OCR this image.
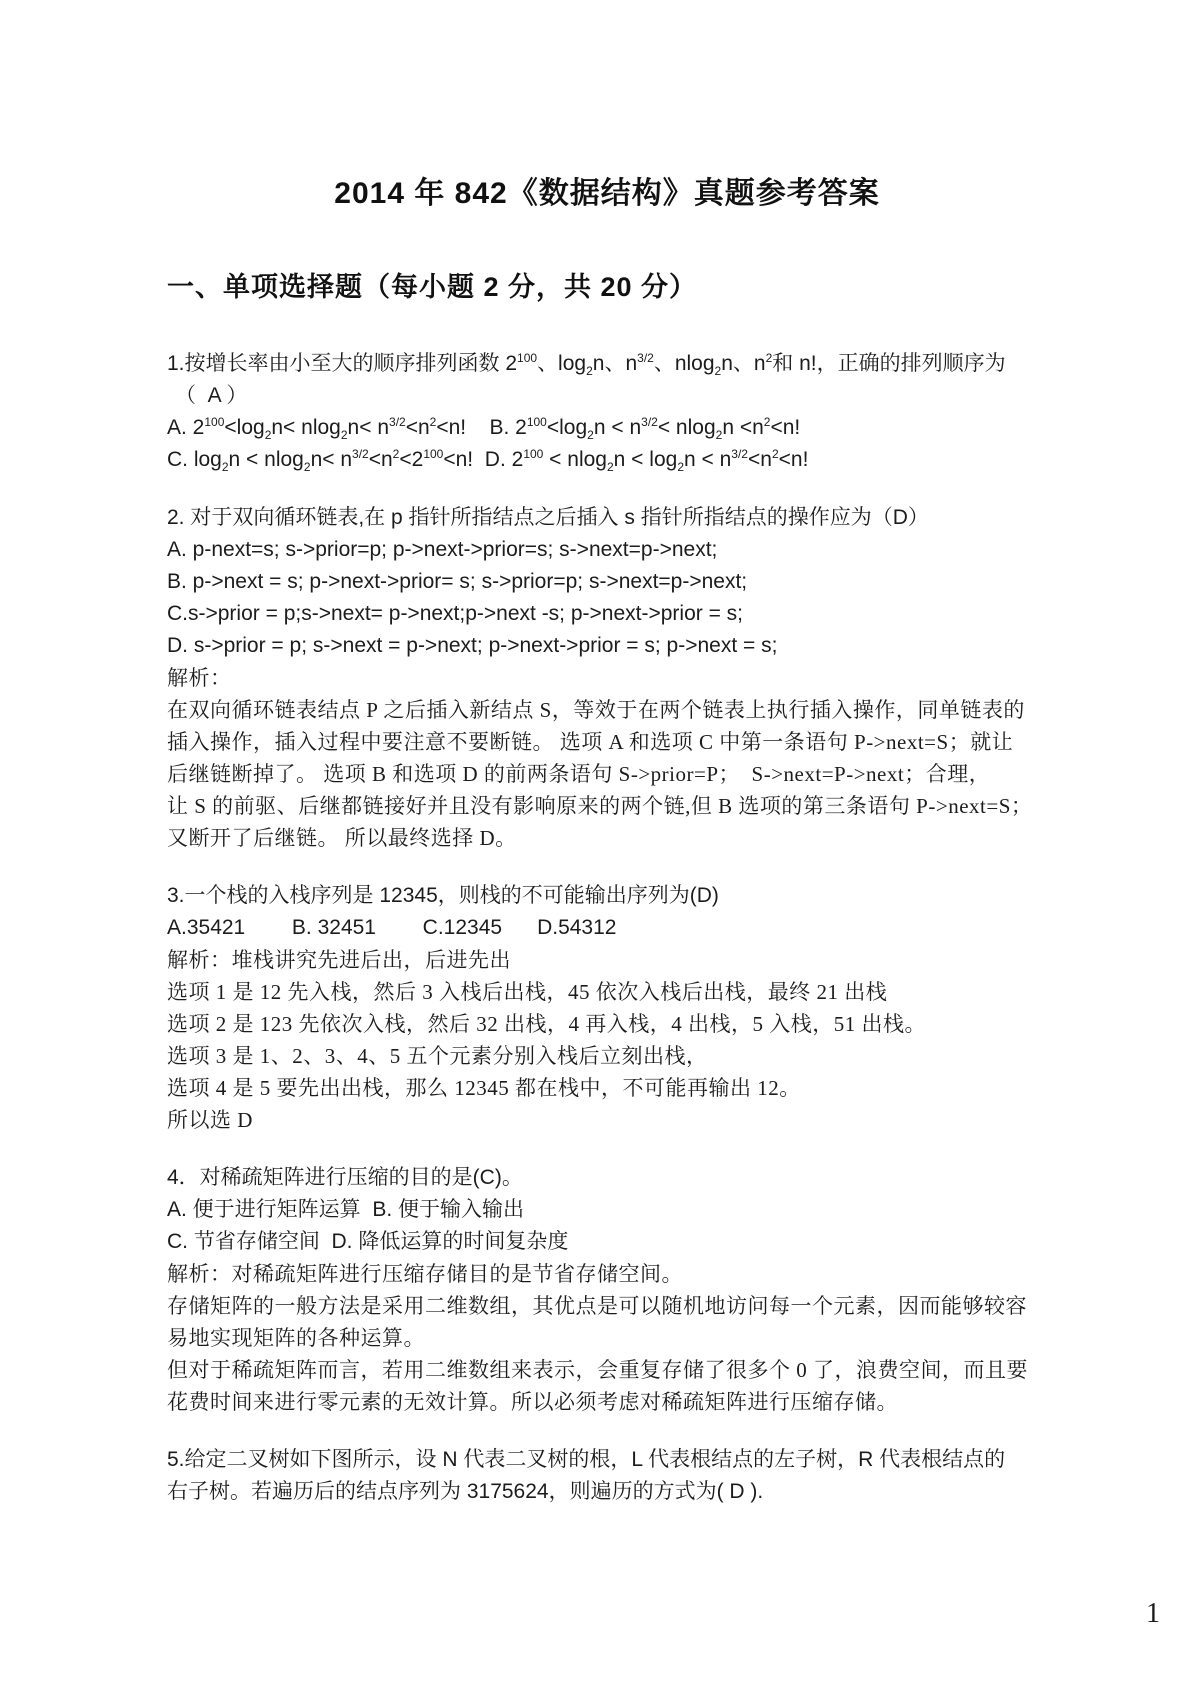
2014 年 842《数据结构》真题参考答案
一、单项选择题（每小题 2 分，共 20 分）

1.按增长率由小至大的顺序排列函数 $2^{100}$、$\log_2n$、$n^{3/2}$、nlog$_2$n、$n^2$和 n!，正确的排列顺序为

（  A ）

A. $2^{100}<\log_2n< nlog_2n< n^{3/2}<n^2<n$!    B. $2^{100}<\log_2n < n^{3/2}< nlog_2n <n^2<n$!

C. $\log_2n < nlog_2n< n^{3/2}<n^2<2^{100}<n$!  D. $2^{100} < nlog_2n < \log_2n < n^{3/2}<n^2<n$!

2. 对于双向循环链表,在 p 指针所指结点之后插入 s 指针所指结点的操作应为（D）

A. p-next=s; s->prior=p; p->next->prior=s; s->next=p->next;

B. p->next = s; p->next->prior= s; s->prior=p; s->next=p->next;

C.s->prior = p;s->next= p->next;p->next -s; p->next->prior = s;

D. s->prior = p; s->next = p->next; p->next->prior = s; p->next = s;

解析：

在双向循环链表结点 P 之后插入新结点 S，等效于在两个链表上执行插入操作，同单链表的

插入操作，插入过程中要注意不要断链。 选项 A 和选项 C 中第一条语句 P->next=S；就让

后继链断掉了。 选项 B 和选项 D 的前两条语句 S->prior=P；  S->next=P->next；合理，

让 S 的前驱、后继都链接好并且没有影响原来的两个链,但 B 选项的第三条语句 P->next=S；

又断开了后继链。 所以最终选择 D。

3.一个栈的入栈序列是 12345，则栈的不可能输出序列为(D)

A.35421        B. 32451        C.12345      D.54312

解析：堆栈讲究先进后出，后进先出

选项 1 是 12 先入栈，然后 3 入栈后出栈，45 依次入栈后出栈，最终 21 出栈

选项 2 是 123 先依次入栈，然后 32 出栈，4 再入栈，4 出栈，5 入栈，51 出栈。

选项 3 是 1、2、3、4、5 五个元素分别入栈后立刻出栈，

选项 4 是 5 要先出出栈，那么 12345 都在栈中，不可能再输出 12。

所以选 D

4．对稀疏矩阵进行压缩的目的是(C)。

A. 便于进行矩阵运算  B. 便于输入输出

C. 节省存储空间  D. 降低运算的时间复杂度

解析：对稀疏矩阵进行压缩存储目的是节省存储空间。

存储矩阵的一般方法是采用二维数组，其优点是可以随机地访问每一个元素，因而能够较容

易地实现矩阵的各种运算。

但对于稀疏矩阵而言，若用二维数组来表示，会重复存储了很多个 0 了，浪费空间，而且要

花费时间来进行零元素的无效计算。所以必须考虑对稀疏矩阵进行压缩存储。

5.给定二叉树如下图所示，设 N 代表二叉树的根，L 代表根结点的左子树，R 代表根结点的

右子树。若遍历后的结点序列为 3175624，则遍历的方式为( D ).

1
